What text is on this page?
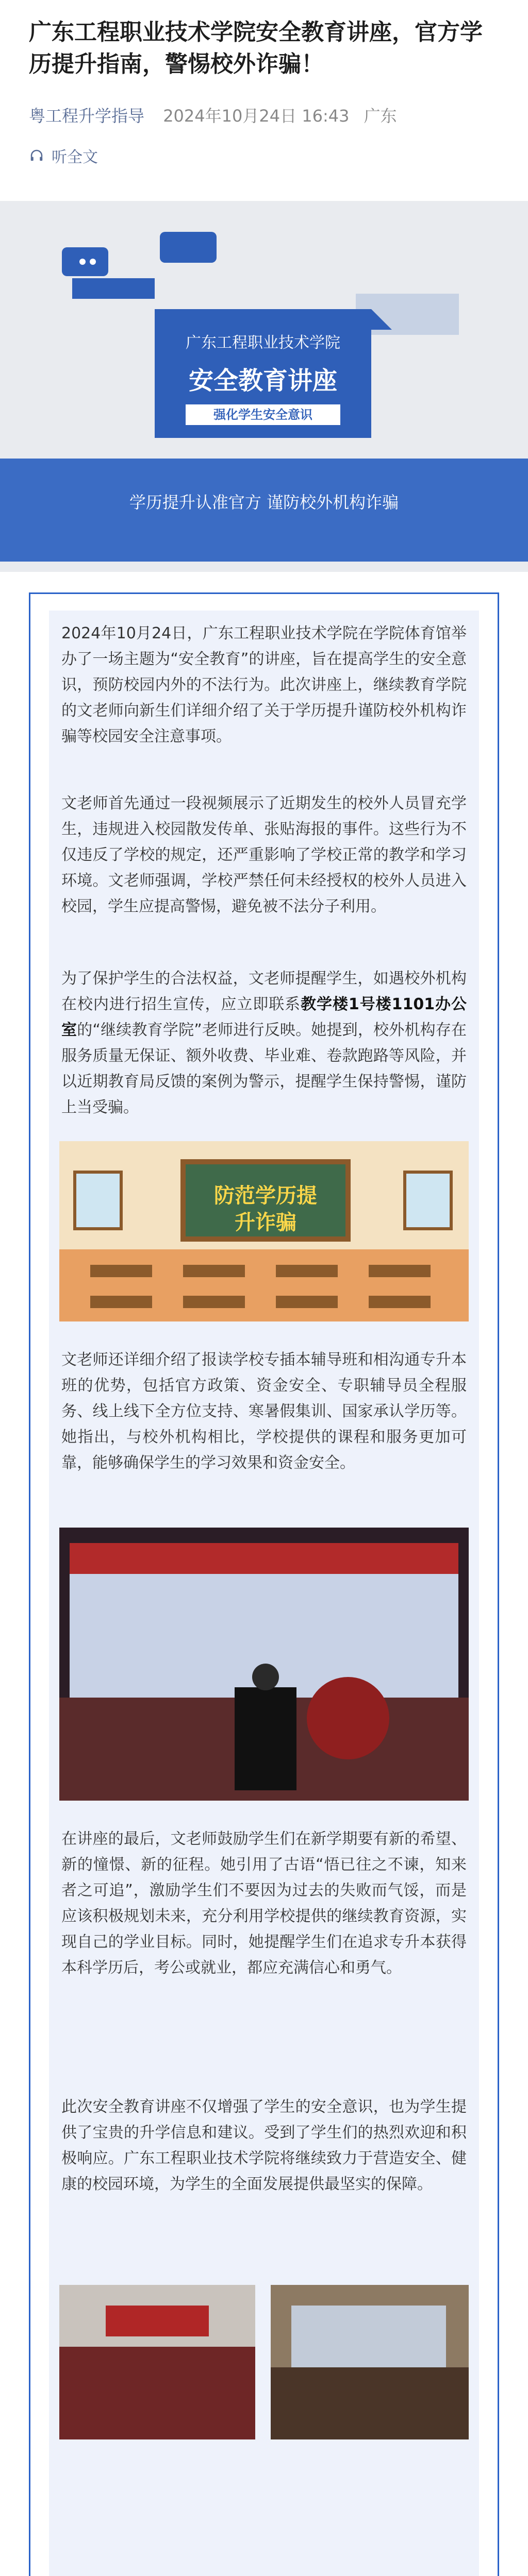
广东工程职业技术学院安全教育讲座，官方学历提升指南，警惕校外诈骗！
粤工程升学指导 2024年10月24日 16:43 广东
听全文
广东工程职业技术学院
安全教育讲座
强化学生安全意识
学历提升认准官方 谨防校外机构诈骗
2024年10月24日，广东工程职业技术学院在学院体育馆举办了一场主题为“安全教育”的讲座，旨在提高学生的安全意识，预防校园内外的不法行为。此次讲座上，继续教育学院的文老师向新生们详细介绍了关于学历提升谨防校外机构诈骗等校园安全注意事项。
文老师首先通过一段视频展示了近期发生的校外人员冒充学生，违规进入校园散发传单、张贴海报的事件。这些行为不仅违反了学校的规定，还严重影响了学校正常的教学和学习环境。文老师强调，学校严禁任何未经授权的校外人员进入校园，学生应提高警惕，避免被不法分子利用。
为了保护学生的合法权益，文老师提醒学生，如遇校外机构在校内进行招生宣传，应立即联系教学楼1号楼1101办公室的“继续教育学院”老师进行反映。她提到，校外机构存在服务质量无保证、额外收费、毕业难、卷款跑路等风险，并以近期教育局反馈的案例为警示，提醒学生保持警惕，谨防上当受骗。
防范学历提升诈骗
文老师还详细介绍了报读学校专插本辅导班和相沟通专升本班的优势，包括官方政策、资金安全、专职辅导员全程服务、线上线下全方位支持、寒暑假集训、国家承认学历等。她指出，与校外机构相比，学校提供的课程和服务更加可靠，能够确保学生的学习效果和资金安全。
在讲座的最后，文老师鼓励学生们在新学期要有新的希望、新的憧憬、新的征程。她引用了古语“悟已往之不谏，知来者之可追”，激励学生们不要因为过去的失败而气馁，而是应该积极规划未来，充分利用学校提供的继续教育资源，实现自己的学业目标。同时，她提醒学生们在追求专升本获得本科学历后，考公或就业，都应充满信心和勇气。
此次安全教育讲座不仅增强了学生的安全意识，也为学生提供了宝贵的升学信息和建议。受到了学生们的热烈欢迎和积极响应。广东工程职业技术学院将继续致力于营造安全、健康的校园环境，为学生的全面发展提供最坚实的保障。
